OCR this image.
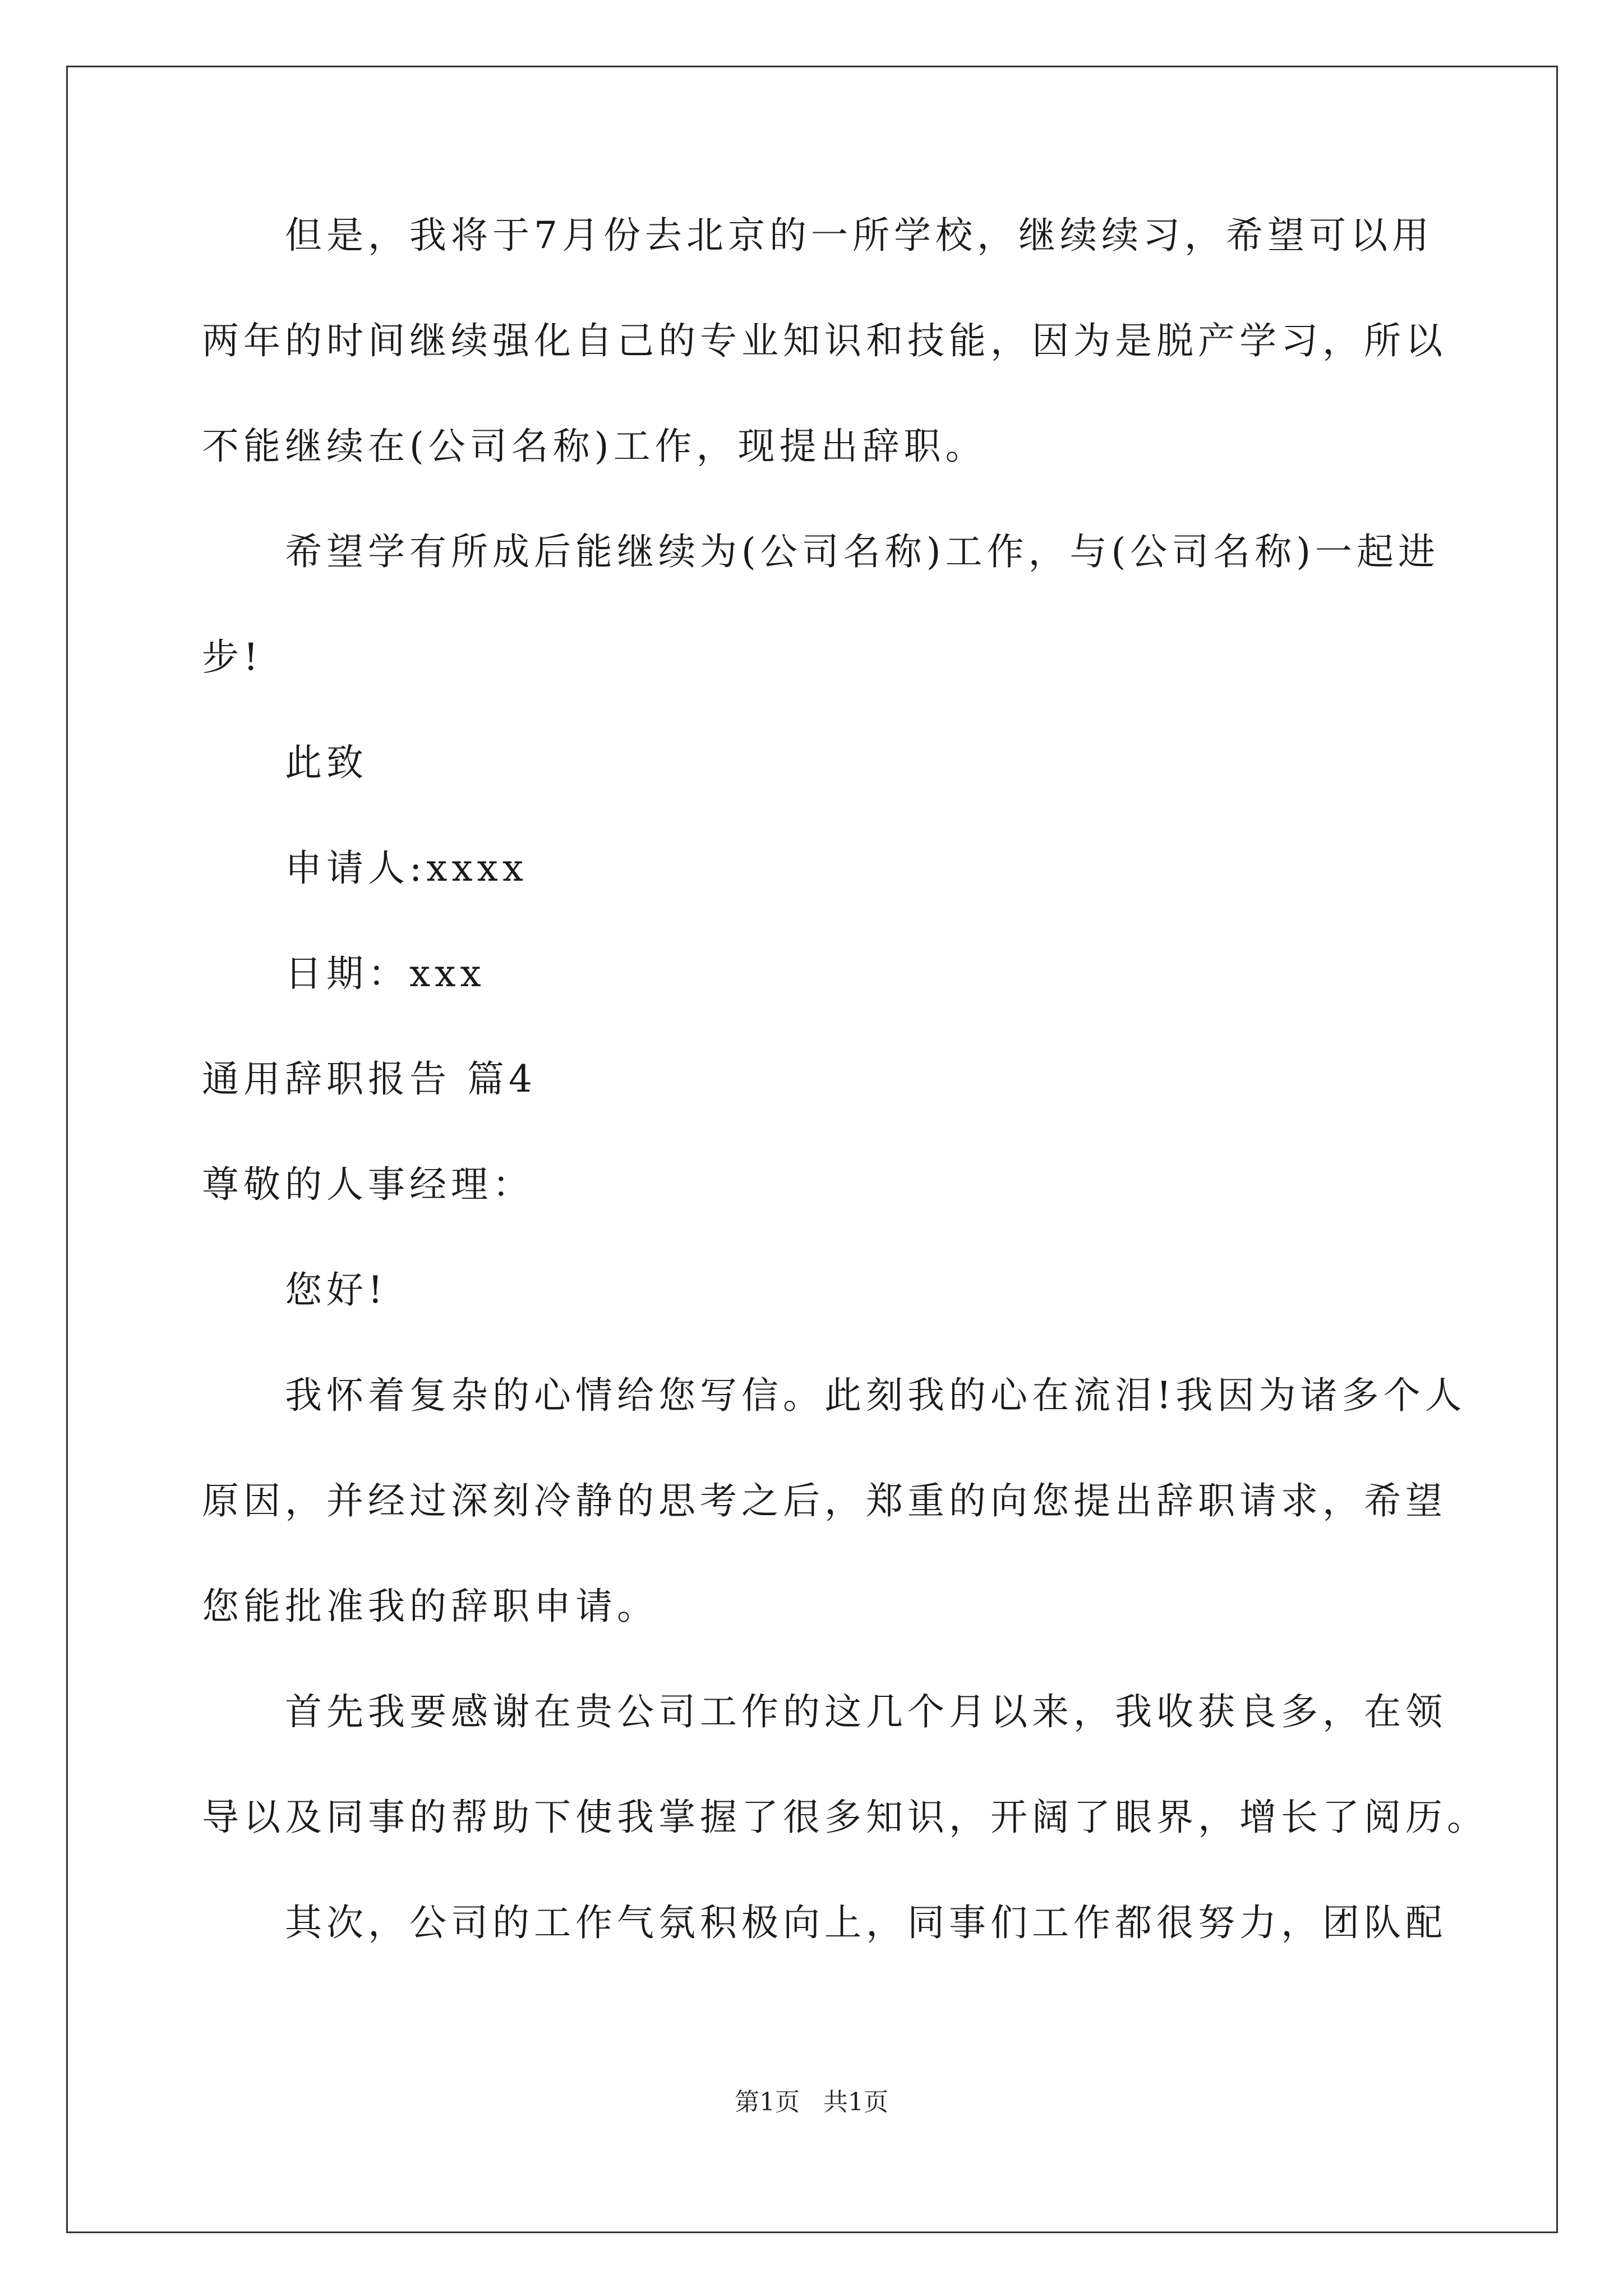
但是，我将于7月份去北京的一所学校，继续续习，希望可以用
两年的时间继续强化自己的专业知识和技能，因为是脱产学习，所以
不能继续在(公司名称)工作，现提出辞职。
希望学有所成后能继续为(公司名称)工作，与(公司名称)一起进
步!
此致
申请人:xxxx
日期：xxx
通用辞职报告 篇4
尊敬的人事经理：
您好!
我怀着复杂的心情给您写信。此刻我的心在流泪!我因为诸多个人
原因，并经过深刻冷静的思考之后，郑重的向您提出辞职请求，希望
您能批准我的辞职申请。
首先我要感谢在贵公司工作的这几个月以来，我收获良多，在领
导以及同事的帮助下使我掌握了很多知识，开阔了眼界，增长了阅历。
其次，公司的工作气氛积极向上，同事们工作都很努力，团队配
第1页 共1页
